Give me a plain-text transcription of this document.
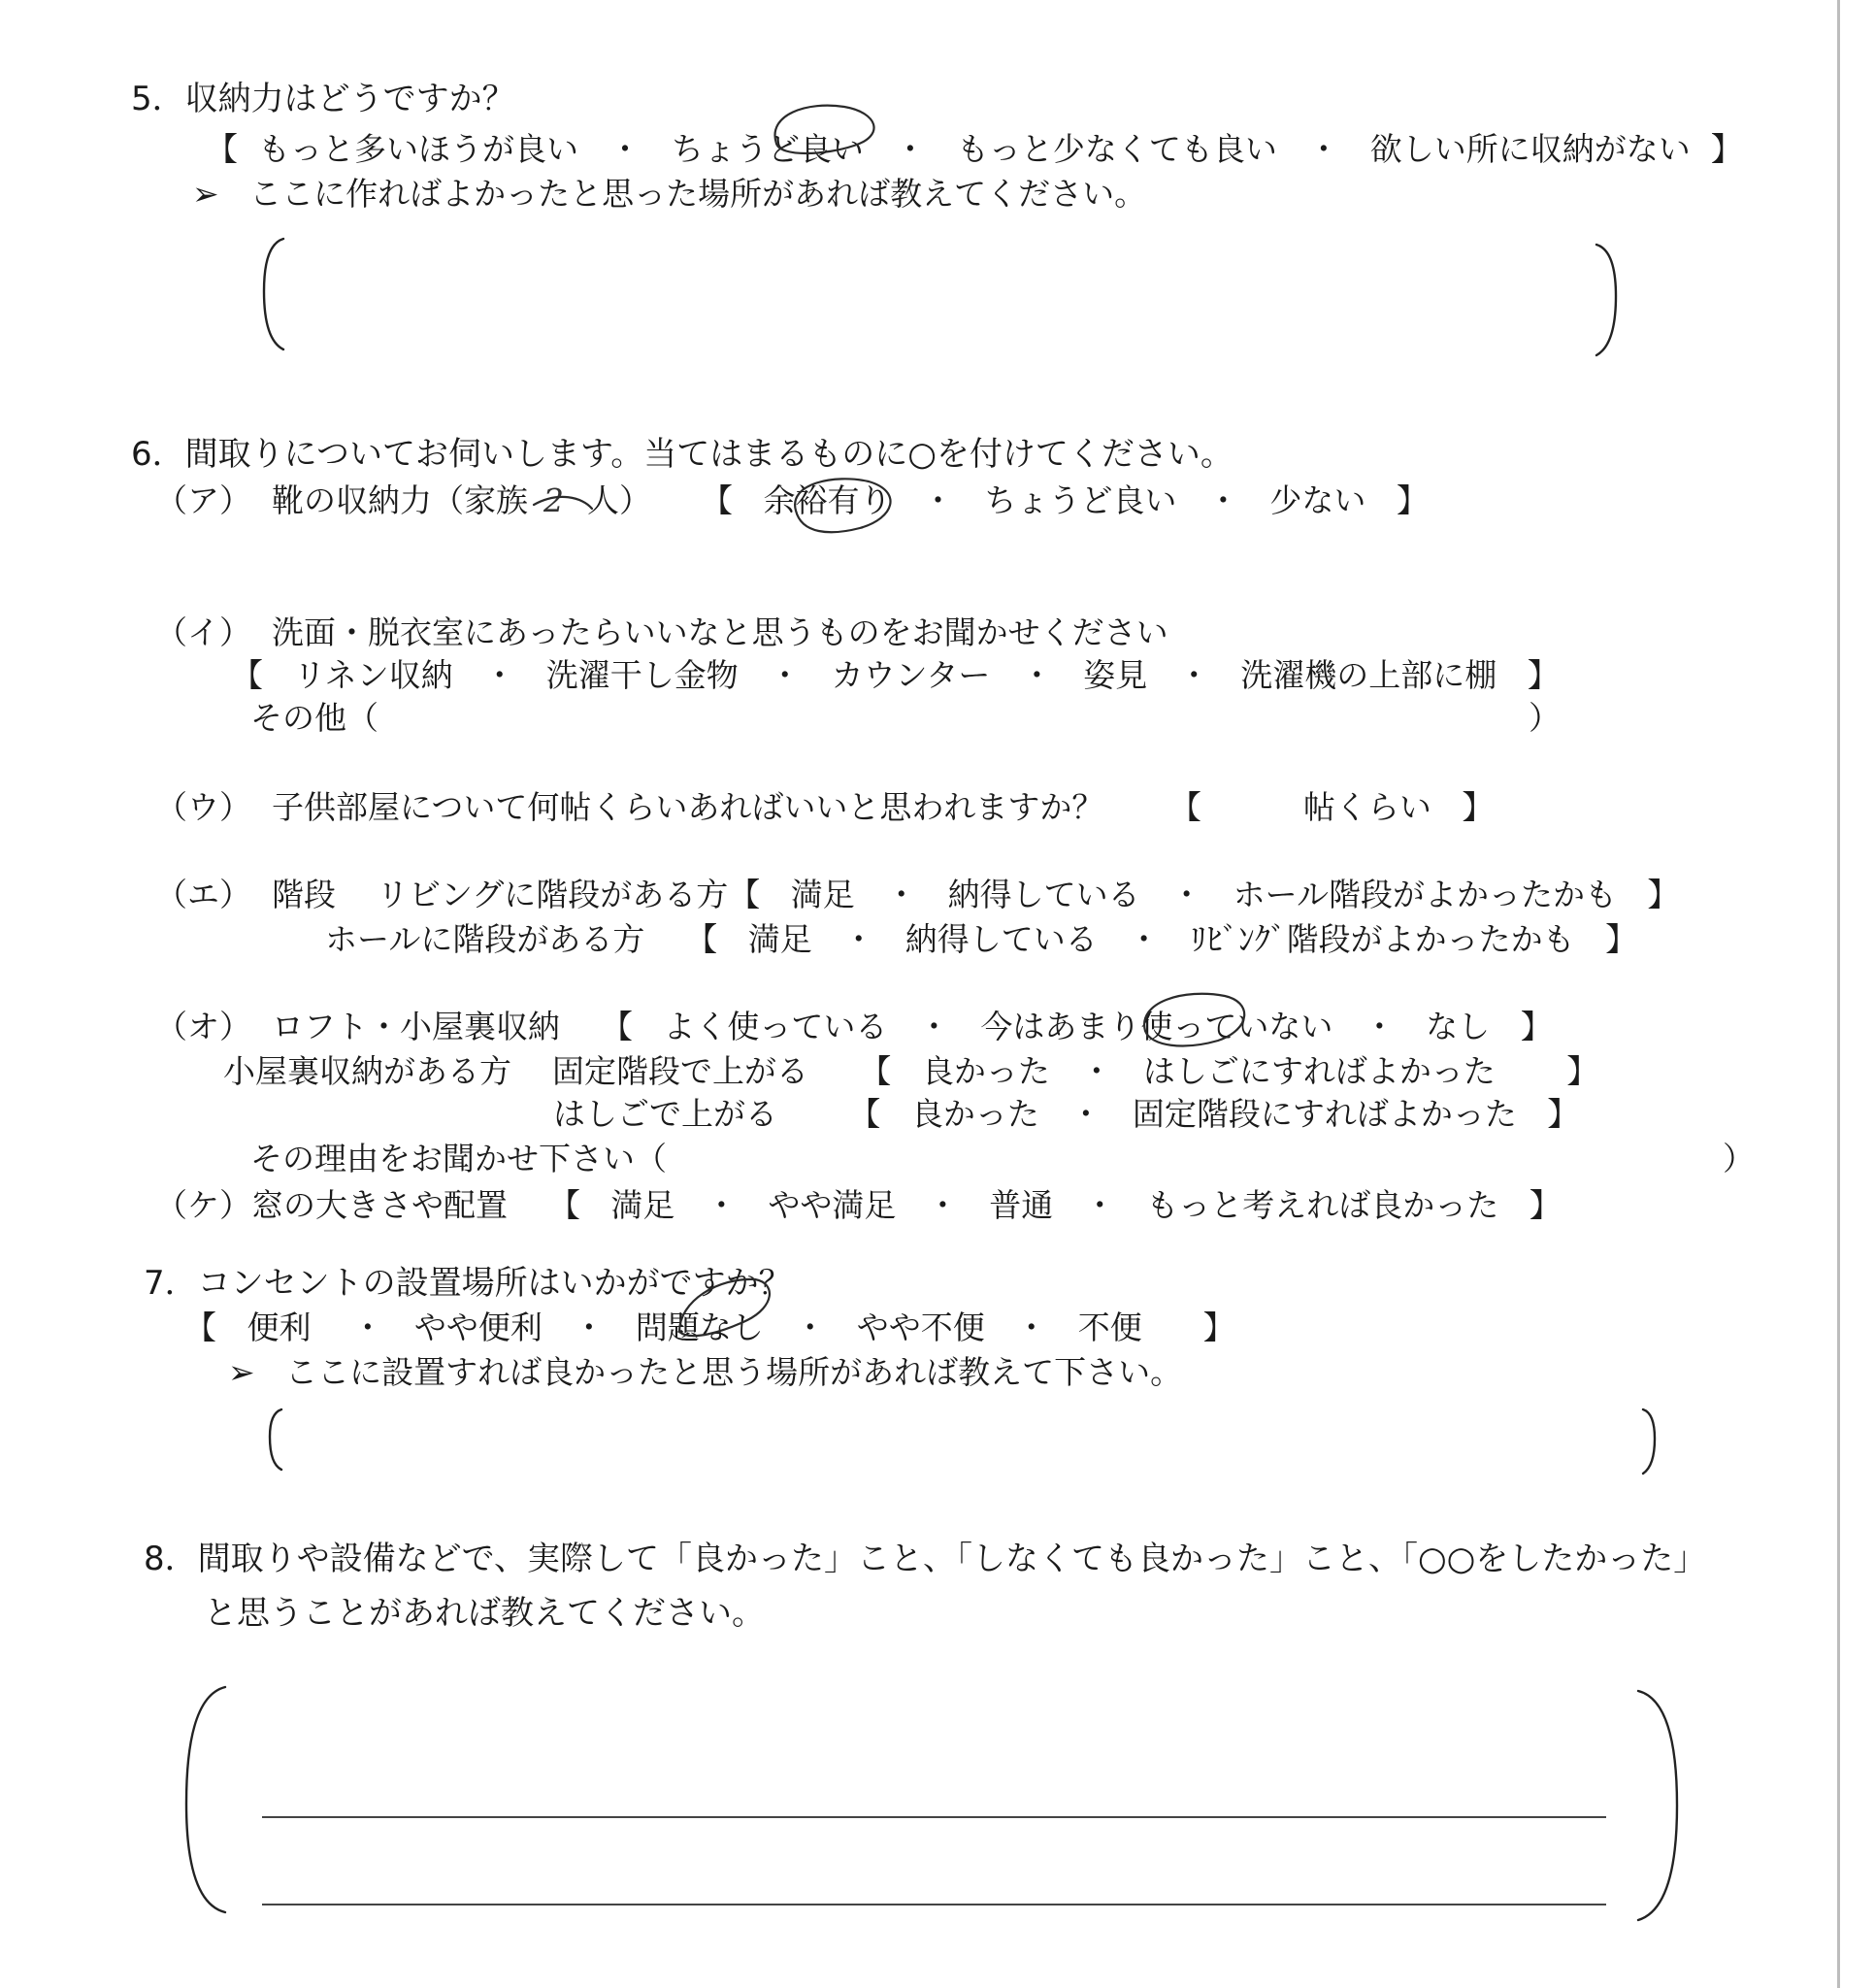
5．収納力はどうですか？
【  もっと多いほうが良い   ・   ちょうど良い   ・   もっと少なくても良い   ・   欲しい所に収納がない  】
➢   ここに作ればよかったと思った場所があれば教えてください。
6．間取りについてお伺いします。当てはまるものに○を付けてください。
（ア）  靴の収納力（家族 2 人） 【   余裕有り   ・   ちょうど良い   ・   少ない   】
（イ）  洗面・脱衣室にあったらいいなと思うものをお聞かせください
【   リネン収納   ・   洗濯干し金物   ・   カウンター   ・   姿見   ・   洗濯機の上部に棚   】
その他（	）
（ウ）  子供部屋について何帖くらいあればいいと思われますか？ 【          帖くらい   】
（エ）  階段    リビングに階段がある方【   満足   ・   納得している   ・   ホール階段がよかったかも   】
ホールに階段がある方    【   満足   ・   納得している   ・   ﾘﾋﾞﾝｸﾞ階段がよかったかも   】
（オ）  ロフト・小屋裏収納    【   よく使っている   ・   今はあまり使っていない   ・   なし   】
小屋裏収納がある方    固定階段で上がる     【   良かった   ・   はしごにすればよかった       】
はしごで上がる       【   良かった   ・   固定階段にすればよかった   】
その理由をお聞かせ下さい（	）
（ケ）窓の大きさや配置    【   満足   ・   やや満足   ・   普通   ・   もっと考えれば良かった   】
7．コンセントの設置場所はいかがですか？
【   便利    ・   やや便利   ・   問題なし   ・   やや不便   ・   不便      】
➢   ここに設置すれば良かったと思う場所があれば教えて下さい。
8．間取りや設備などで、実際して「良かった」こと、「しなくても良かった」こと、「○○をしたかった」
と思うことがあれば教えてください。
